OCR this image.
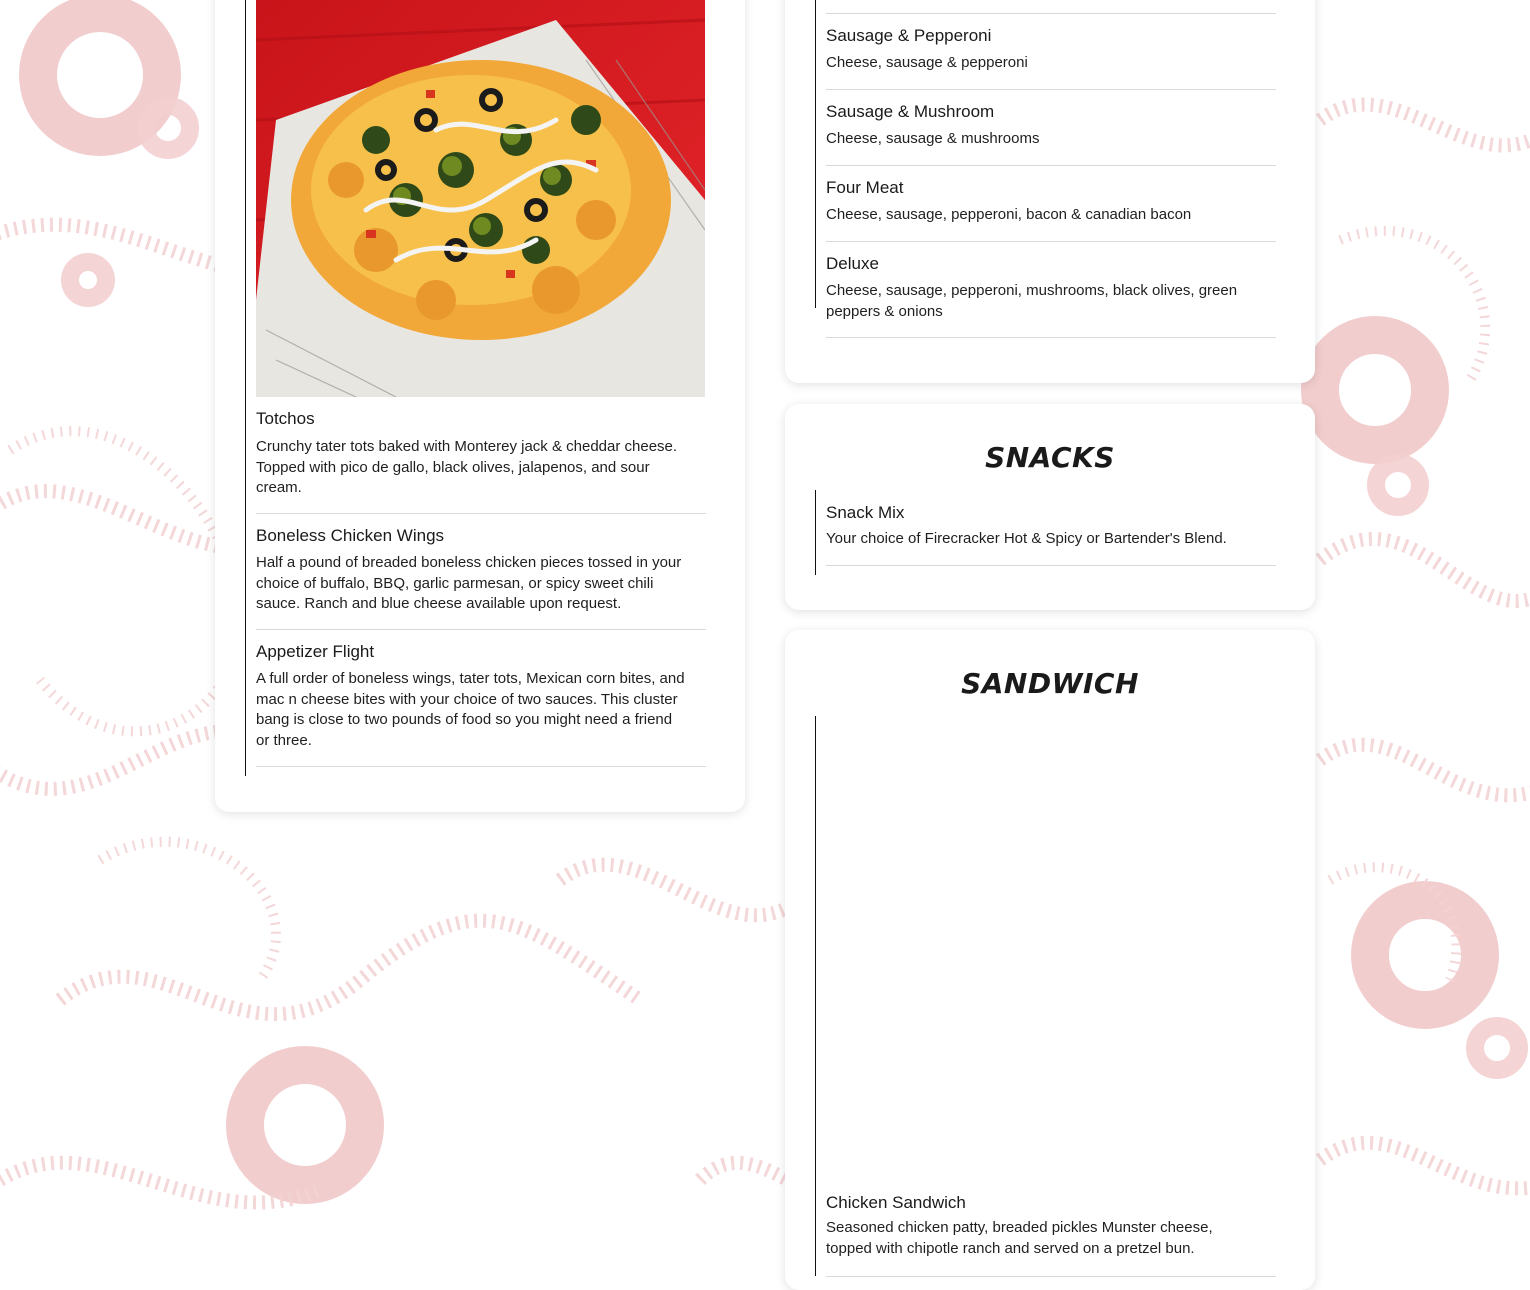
Totchos
Crunchy tater tots baked with Monterey jack & cheddar cheese. Topped with pico de gallo, black olives, jalapenos, and sour cream.
Boneless Chicken Wings
Half a pound of breaded boneless chicken pieces tossed in your choice of buffalo, BBQ, garlic parmesan, or spicy sweet chili sauce. Ranch and blue cheese available upon request.
Appetizer Flight
A full order of boneless wings, tater tots, Mexican corn bites, and mac n cheese bites with your choice of two sauces. This cluster bang is close to two pounds of food so you might need a friend or three.
Sausage & Pepperoni
Cheese, sausage & pepperoni
Sausage & Mushroom
Cheese, sausage & mushrooms
Four Meat
Cheese, sausage, pepperoni, bacon & canadian bacon
Deluxe
Cheese, sausage, pepperoni, mushrooms, black olives, green peppers & onions
SNACKS
Snack Mix
Your choice of Firecracker Hot & Spicy or Bartender's Blend.
SANDWICH
Chicken Sandwich
Seasoned chicken patty, breaded pickles Munster cheese, topped with chipotle ranch and served on a pretzel bun.
